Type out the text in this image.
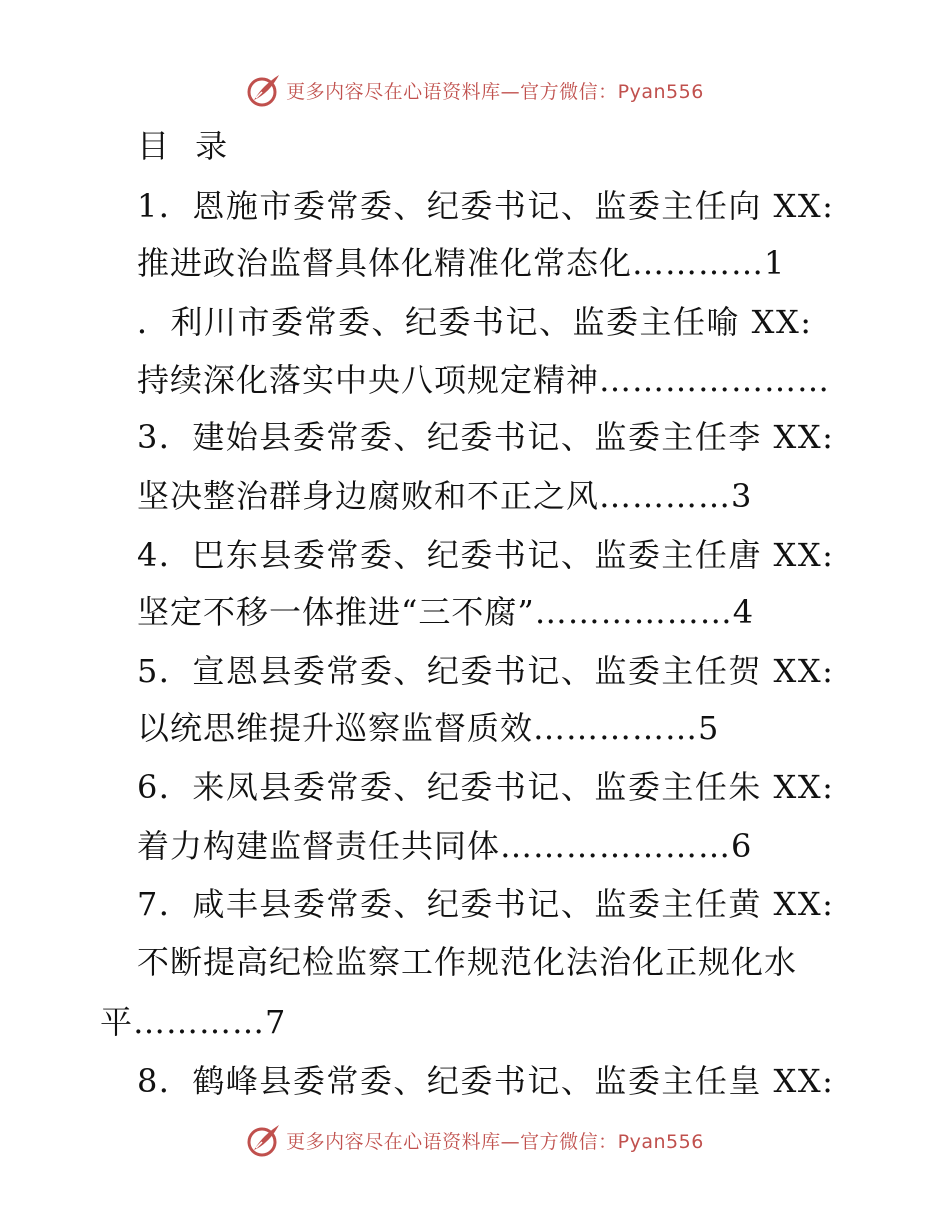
更多内容尽在心语资料库—官方微信：Pyan556
目 录
1．恩施市委常委、纪委书记、监委主任向 XX:
推进政治监督具体化精准化常态化…………1
．利川市委常委、纪委书记、监委主任喻 XX:
持续深化落实中央八项规定精神…………………
3．建始县委常委、纪委书记、监委主任李 XX:
坚决整治群身边腐败和不正之风…………3
4．巴东县委常委、纪委书记、监委主任唐 XX:
坚定不移一体推进“三不腐”………………4
5．宣恩县委常委、纪委书记、监委主任贺 XX:
以统思维提升巡察监督质效……………5
6．来凤县委常委、纪委书记、监委主任朱 XX:
着力构建监督责任共同体…………………6
7．咸丰县委常委、纪委书记、监委主任黄 XX:
不断提高纪检监察工作规范化法治化正规化水
平…………7
8．鹤峰县委常委、纪委书记、监委主任皇 XX:
更多内容尽在心语资料库—官方微信：Pyan556
